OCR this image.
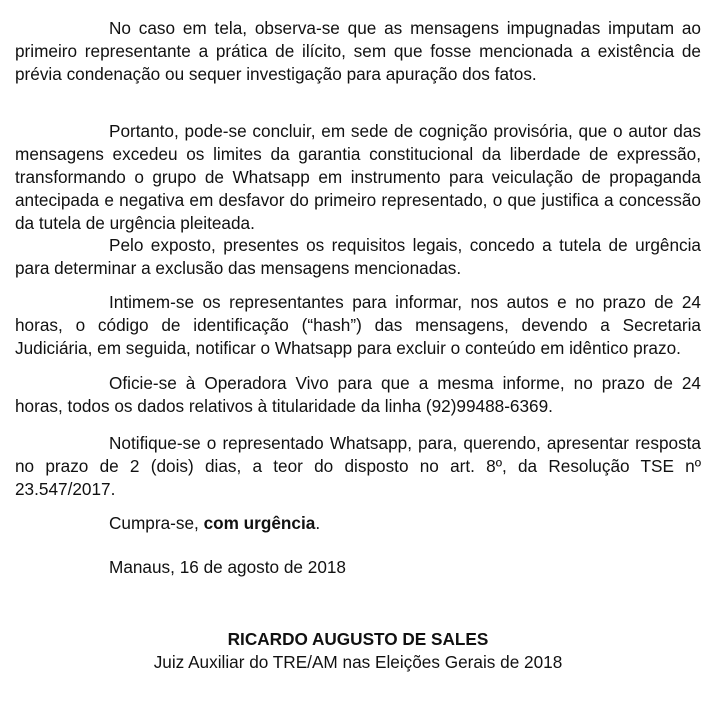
No caso em tela, observa-se que as mensagens impugnadas imputam ao primeiro representante a prática de ilícito, sem que fosse mencionada a existência de prévia condenação ou sequer investigação para apuração dos fatos.

Portanto, pode-se concluir, em sede de cognição provisória, que o autor das mensagens excedeu os limites da garantia constitucional da liberdade de expressão, transformando o grupo de Whatsapp em instrumento para veiculação de propaganda antecipada e negativa em desfavor do primeiro representado, o que justifica a concessão da tutela de urgência pleiteada.

Pelo exposto, presentes os requisitos legais, concedo a tutela de urgência para determinar a exclusão das mensagens mencionadas.

Intimem-se os representantes para informar, nos autos e no prazo de 24 horas, o código de identificação (“hash”) das mensagens, devendo a Secretaria Judiciária, em seguida, notificar o Whatsapp para excluir o conteúdo em idêntico prazo.

Oficie-se à Operadora Vivo para que a mesma informe, no prazo de 24 horas, todos os dados relativos à titularidade da linha (92)99488-6369.

Notifique-se o representado Whatsapp, para, querendo, apresentar resposta no prazo de 2 (dois) dias, a teor do disposto no art. 8º, da Resolução TSE nº 23.547/2017.

Cumpra-se, com urgência.
Manaus, 16 de agosto de 2018
RICARDO AUGUSTO DE SALES
Juiz Auxiliar do TRE/AM nas Eleições Gerais de 2018
